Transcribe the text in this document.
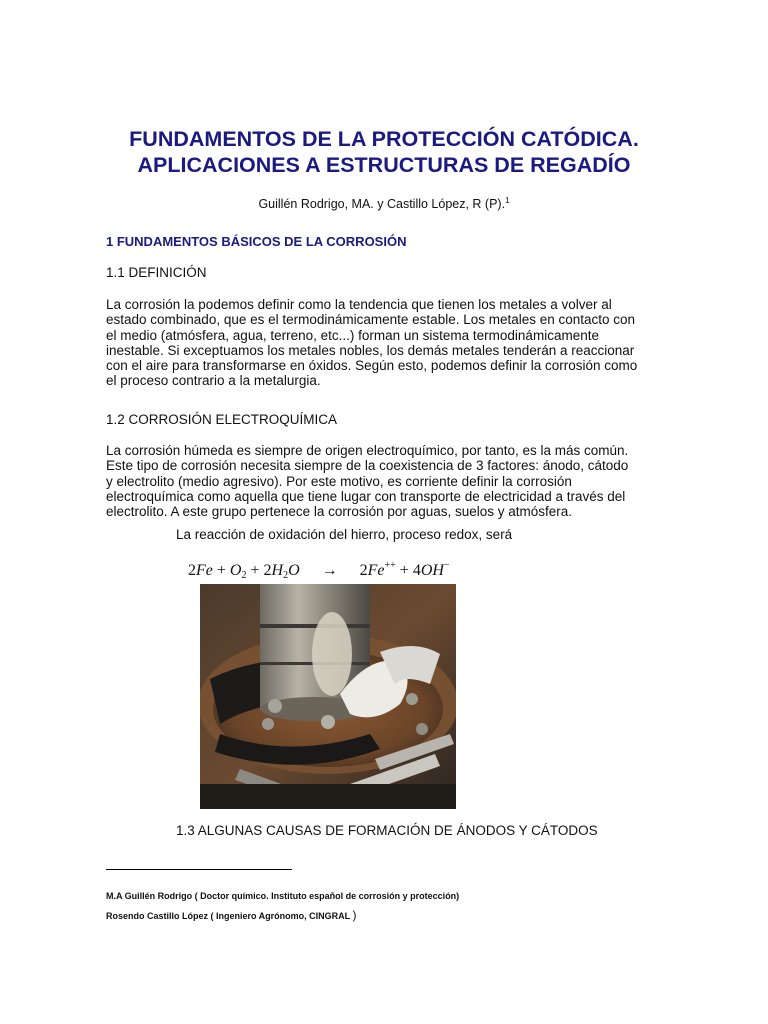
FUNDAMENTOS DE LA PROTECCIÓN CATÓDICA.
APLICACIONES A ESTRUCTURAS DE REGADÍO
Guillén Rodrigo, MA. y Castillo López, R (P).$^1$
1 FUNDAMENTOS BÁSICOS DE LA CORROSIÓN
1.1 DEFINICIÓN

La corrosión la podemos definir como la tendencia que tienen los metales a volver al
estado combinado, que es el termodinámicamente estable. Los metales en contacto con
el medio (atmósfera, agua, terreno, etc...) forman un sistema termodinámicamente
inestable. Si exceptuamos los metales nobles, los demás metales tenderán a reaccionar
con el aire para transformarse en óxidos. Según esto, podemos definir la corrosión como
el proceso contrario a la metalurgia.

1.2 CORROSIÓN ELECTROQUÍMICA

La corrosión húmeda es siempre de origen electroquímico, por tanto, es la más común.
Este tipo de corrosión necesita siempre de la coexistencia de 3 factores: ánodo, cátodo
y electrolito (medio agresivo). Por este motivo, es corriente definir la corrosión
electroquímica como aquella que tiene lugar con transporte de electricidad a través del
electrolito. A este grupo pertenece la corrosión por aguas, suelos y atmósfera.

La reacción de oxidación del hierro, proceso redox, será

$2Fe + O_2 + 2H_2O \to 2Fe^{++} + 4OH^-$

1.3 ALGUNAS CAUSAS DE FORMACIÓN DE ÁNODOS Y CÁTODOS

M.A Guillén Rodrigo ( Doctor químico. Instituto español de corrosión y protección)

Rosendo Castillo López ( Ingeniero Agrónomo, CINGRAL )
